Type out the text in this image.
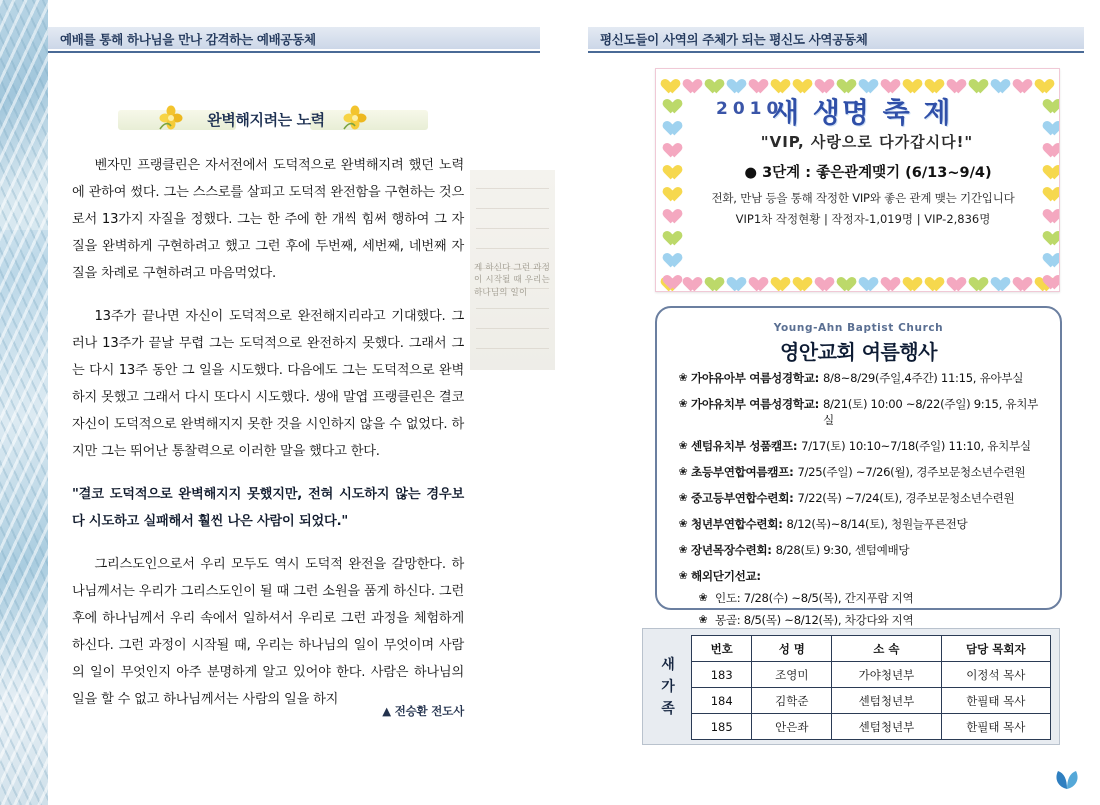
게 하신다 그런 과정이 시작될 때 우리는 하나님의 일이
예배를 통해 하나님을 만나 감격하는 예배공동체	평신도들이 사역의 주체가 되는 평신도 사역공동체
완벽해지려는 노력

벤자민 프랭클린은 자서전에서 도덕적으로 완벽해지려 했던 노력에 관하여 썼다. 그는 스스로를 살피고 도덕적 완전함을 구현하는 것으로서 13가지 자질을 정했다. 그는 한 주에 한 개씩 힘써 행하여 그 자질을 완벽하게 구현하려고 했고 그런 후에 두번째, 세번째, 네번째 자질을 차례로 구현하려고 마음먹었다.

13주가 끝나면 자신이 도덕적으로 완전해지리라고 기대했다. 그러나 13주가 끝날 무렵 그는 도덕적으로 완전하지 못했다. 그래서 그는 다시 13주 동안 그 일을 시도했다. 다음에도 그는 도덕적으로 완벽하지 못했고 그래서 다시 또다시 시도했다. 생애 말엽 프랭클린은 결코 자신이 도덕적으로 완벽해지지 못한 것을 시인하지 않을 수 없었다. 하지만 그는 뛰어난 통찰력으로 이러한 말을 했다고 한다.

"결코 도덕적으로 완벽해지지 못했지만, 전혀 시도하지 않는 경우보다 시도하고 실패해서 훨씬 나은 사람이 되었다."

그리스도인으로서 우리 모두도 역시 도덕적 완전을 갈망한다. 하나님께서는 우리가 그리스도인이 될 때 그런 소원을 품게 하신다. 그런 후에 하나님께서 우리 속에서 일하셔서 우리로 그런 과정을 체험하게 하신다. 그런 과정이 시작될 때, 우리는 하나님의 일이 무엇이며 사람의 일이 무엇인지 아주 분명하게 알고 있어야 한다. 사람은 하나님의 일을 할 수 없고 하나님께서는 사람의 일을 하지

▲ 전승환 전도사
2010
새 생명 축 제
"VIP, 사랑으로 다가갑시다!"
● 3단계 : 좋은관계맺기 (6/13~9/4)
전화, 만남 등을 통해 작정한 VIP와 좋은 관계 맺는 기간입니다
VIP1차 작정현황 | 작정자-1,019명 | VIP-2,836명
Young-Ahn Baptist Church
영안교회 여름행사
❀ 가야유아부 여름성경학교: 8/8~8/29(주일,4주간) 11:15, 유아부실
❀ 가야유치부 여름성경학교: 8/21(토) 10:00 ~8/22(주일) 9:15, 유치부실
❀ 센텀유치부 성품캠프: 7/17(토) 10:10~7/18(주일) 11:10, 유치부실
❀ 초등부연합여름캠프: 7/25(주일) ~7/26(월), 경주보문청소년수련원
❀ 중고등부연합수련회: 7/22(목) ~7/24(토), 경주보문청소년수련원
❀ 청년부연합수련회: 8/12(목)~8/14(토), 청원늘푸른전당
❀ 장년목장수련회: 8/28(토) 9:30, 센텀예배당
❀ 해외단기선교:
❀ 인도: 7/28(수) ~8/5(목), 간지푸람 지역
❀ 몽골: 8/5(목) ~8/12(목), 차강다와 지역
새
가
족
번호	성 명	소 속	담당 목회자
183	조영미	가야청년부	이정석 목사
184	김학준	센텀청년부	한필태 목사
185	안은좌	센텀청년부	한필태 목사
